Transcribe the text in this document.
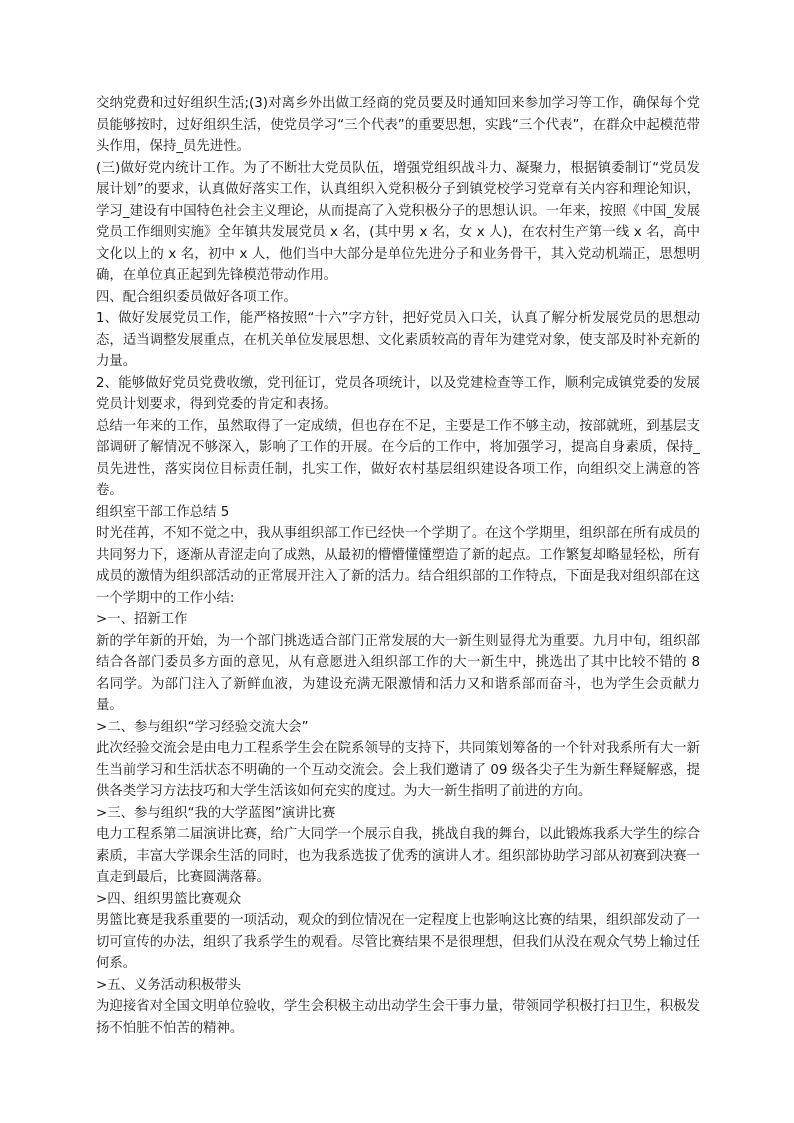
交纳党费和过好组织生活;(3)对离乡外出做工经商的党员要及时通知回来参加学习等工作，确保每个党员能够按时，过好组织生活，使党员学习“三个代表”的重要思想，实践“三个代表”，在群众中起模范带头作用，保持_员先进性。

(三)做好党内统计工作。为了不断壮大党员队伍，增强党组织战斗力、凝聚力，根据镇委制订“党员发展计划”的要求，认真做好落实工作，认真组织入党积极分子到镇党校学习党章有关内容和理论知识，学习_建设有中国特色社会主义理论，从而提高了入党积极分子的思想认识。一年来，按照《中国_发展党员工作细则实施》全年镇共发展党员 x 名，(其中男 x 名，女 x 人)，在农村生产第一线 x 名，高中文化以上的 x 名，初中 x 人，他们当中大部分是单位先进分子和业务骨干，其入党动机端正，思想明确，在单位真正起到先锋模范带动作用。

四、配合组织委员做好各项工作。

1、做好发展党员工作，能严格按照“十六”字方针，把好党员入口关，认真了解分析发展党员的思想动态，适当调整发展重点，在机关单位发展思想、文化素质较高的青年为建党对象，使支部及时补充新的力量。

2、能够做好党员党费收缴，党刊征订，党员各项统计，以及党建检查等工作，顺利完成镇党委的发展党员计划要求，得到党委的肯定和表扬。

总结一年来的工作，虽然取得了一定成绩，但也存在不足，主要是工作不够主动，按部就班，到基层支部调研了解情况不够深入，影响了工作的开展。在今后的工作中，将加强学习，提高自身素质，保持_员先进性，落实岗位目标责任制，扎实工作，做好农村基层组织建设各项工作，向组织交上满意的答卷。

组织室干部工作总结 5

时光荏苒，不知不觉之中，我从事组织部工作已经快一个学期了。在这个学期里，组织部在所有成员的共同努力下，逐渐从青涩走向了成熟，从最初的懵懵懂懂塑造了新的起点。工作繁复却略显轻松，所有成员的激情为组织部活动的正常展开注入了新的活力。结合组织部的工作特点，下面是我对组织部在这一个学期中的工作小结:

>一、招新工作

新的学年新的开始，为一个部门挑选适合部门正常发展的大一新生则显得尤为重要。九月中旬，组织部结合各部门委员多方面的意见，从有意愿进入组织部工作的大一新生中，挑选出了其中比较不错的 8 名同学。为部门注入了新鲜血液，为建设充满无限激情和活力又和谐系部而奋斗，也为学生会贡献力量。

>二、参与组织“学习经验交流大会”

此次经验交流会是由电力工程系学生会在院系领导的支持下，共同策划筹备的一个针对我系所有大一新生当前学习和生活状态不明确的一个互动交流会。会上我们邀请了 09 级各尖子生为新生释疑解惑，提供各类学习方法技巧和大学生活该如何充实的度过。为大一新生指明了前进的方向。

>三、参与组织“我的大学蓝图”演讲比赛

电力工程系第二届演讲比赛，给广大同学一个展示自我，挑战自我的舞台，以此锻炼我系大学生的综合素质，丰富大学课余生活的同时，也为我系选拔了优秀的演讲人才。组织部协助学习部从初赛到决赛一直走到最后，比赛圆满落幕。

>四、组织男篮比赛观众

男篮比赛是我系重要的一项活动，观众的到位情况在一定程度上也影响这比赛的结果，组织部发动了一切可宣传的办法，组织了我系学生的观看。尽管比赛结果不是很理想，但我们从没在观众气势上输过任何系。

>五、义务活动积极带头

为迎接省对全国文明单位验收，学生会积极主动出动学生会干事力量，带领同学积极打扫卫生，积极发扬不怕脏不怕苦的精神。
